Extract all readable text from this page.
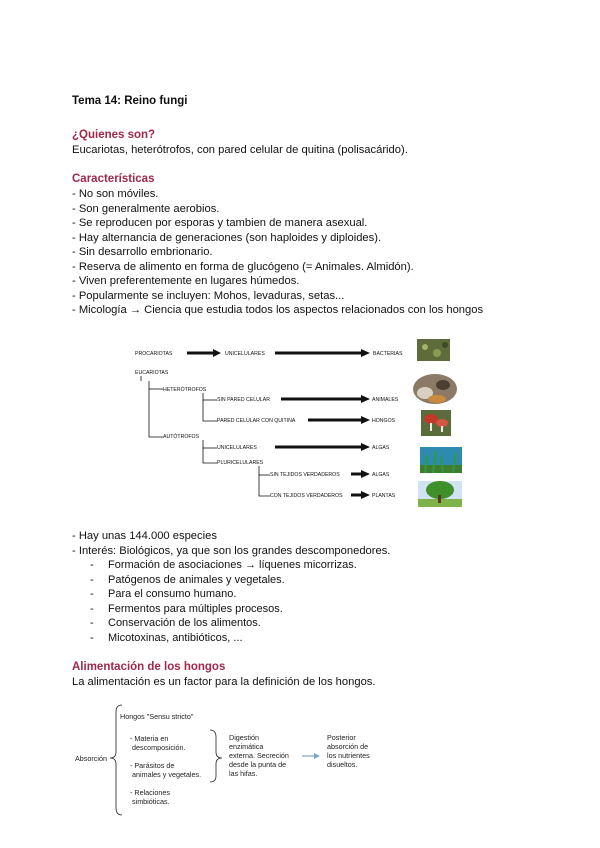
Tema 14: Reino fungi
¿Quienes son?
Eucariotas, heterótrofos, con pared celular de quitina (polisacárido).
Características
- No son móviles.
- Son generalmente aerobios.
- Se reproducen por esporas y tambien de manera asexual.
- Hay alternancia de generaciones (son haploides y diploides).
- Sin desarrollo embrionario.
- Reserva de alimento en forma de glucógeno (= Animales. Almidón).
- Viven preferentemente en lugares húmedos.
- Popularmente se incluyen: Mohos, levaduras, setas...
- Micología → Ciencia que estudia todos los aspectos relacionados con los hongos
PROCARIOTAS	UNICELULARES	BACTERIAS
EUCARIOTAS
HETERÓTROFOS
SIN PARED CELULAR	ANIMALES
PARED CELULAR CON QUITINA	HONGOS
AUTÓTROFOS
UNICELULARES	ALGAS
PLURICELULARES
SIN TEJIDOS VERDADEROS	ALGAS
CON TEJIDOS VERDADEROS	PLANTAS
- Hay unas 144.000 especies
- Interés: Biológicos, ya que son los grandes descomponedores.
- Formación de asociaciones → líquenes micorrizas.
- Patógenos de animales y vegetales.
- Para el consumo humano.
- Fermentos para múltiples procesos.
- Conservación de los alimentos.
- Micotoxinas, antibióticos, ...
Alimentación de los hongos
La alimentación es un factor para la definición de los hongos.
Hongos "Sensu stricto"
Absorción
- Materia en
descomposición.
- Parásitos de
animales y vegetales.
- Relaciones
simbióticas.
Digestión
enzimática
externa. Secreción
desde la punta de
las hifas.
Posterior
absorción de
los nutrientes
disueltos.
